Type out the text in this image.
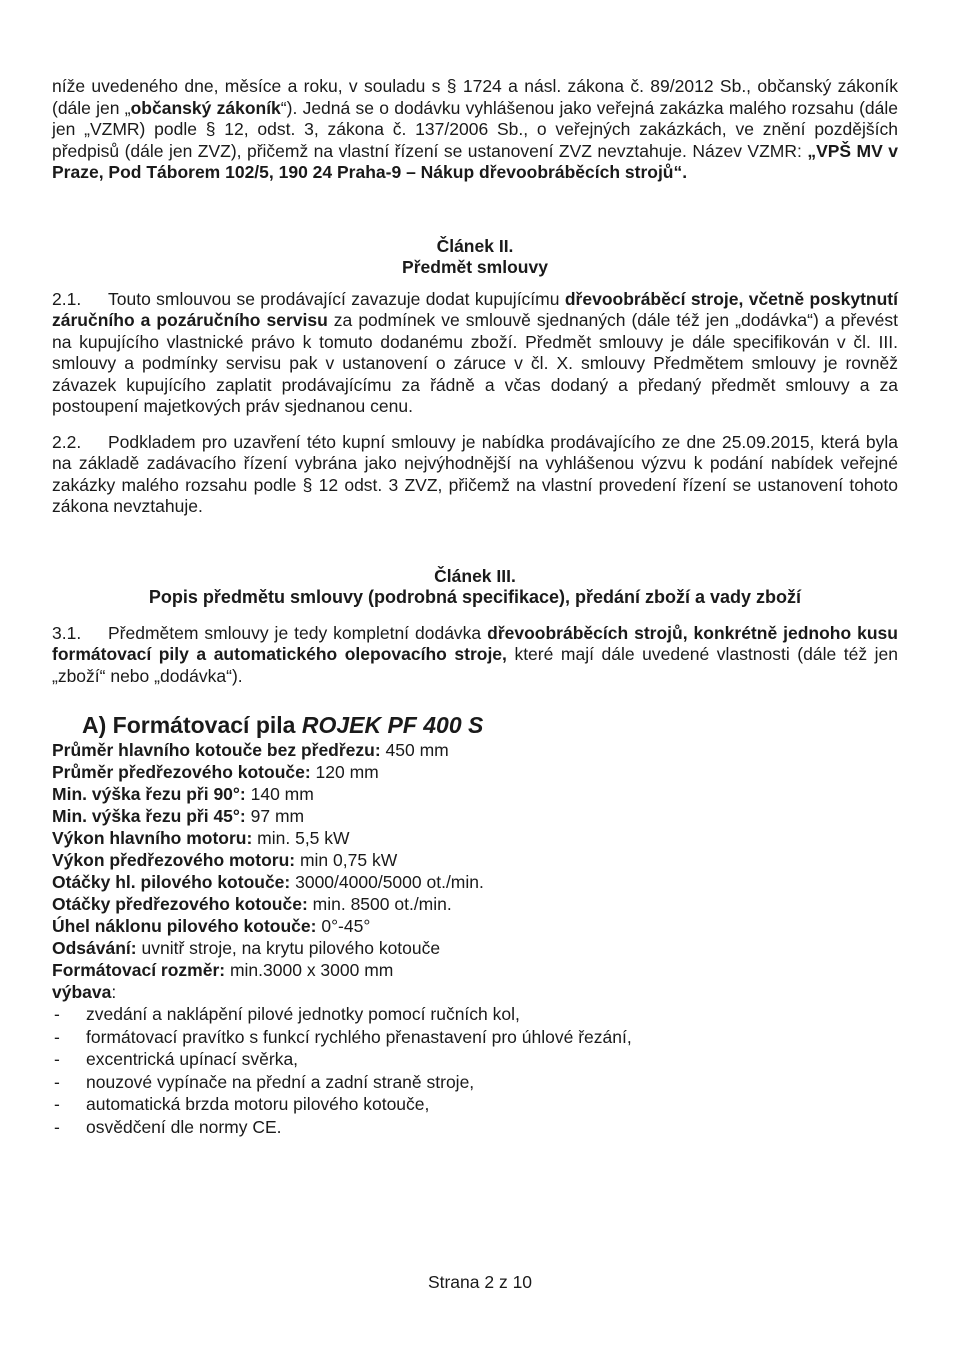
níže uvedeného dne, měsíce a roku, v souladu s § 1724 a násl. zákona č. 89/2012 Sb., občanský zákoník (dále jen „občanský zákoník“). Jedná se o dodávku vyhlášenou jako veřejná zakázka malého rozsahu (dále jen „VZMR) podle § 12, odst. 3, zákona č. 137/2006 Sb., o veřejných zakázkách, ve znění pozdějších předpisů (dále jen ZVZ), přičemž na vlastní řízení se ustanovení ZVZ nevztahuje. Název VZMR: „VPŠ MV v Praze, Pod Táborem 102/5, 190 24 Praha-9 – Nákup dřevoobráběcích strojů“.

Článek II.
Předmět smlouvy

2.1. Touto smlouvou se prodávající zavazuje dodat kupujícímu dřevoobráběcí stroje, včetně poskytnutí záručního a pozáručního servisu za podmínek ve smlouvě sjednaných (dále též jen „dodávka“) a převést na kupujícího vlastnické právo k tomuto dodanému zboží. Předmět smlouvy je dále specifikován v čl. III. smlouvy a podmínky servisu pak v ustanovení o záruce v čl. X. smlouvy Předmětem smlouvy je rovněž závazek kupujícího zaplatit prodávajícímu za řádně a včas dodaný a předaný předmět smlouvy a za postoupení majetkových práv sjednanou cenu.

2.2. Podkladem pro uzavření této kupní smlouvy je nabídka prodávajícího ze dne 25.09.2015, která byla na základě zadávacího řízení vybrána jako nejvýhodnější na vyhlášenou výzvu k podání nabídek veřejné zakázky malého rozsahu podle § 12 odst. 3 ZVZ, přičemž na vlastní provedení řízení se ustanovení tohoto zákona nevztahuje.

Článek III.
Popis předmětu smlouvy (podrobná specifikace), předání zboží a vady zboží

3.1. Předmětem smlouvy je tedy kompletní dodávka dřevoobráběcích strojů, konkrétně jednoho kusu formátovací pily a automatického olepovacího stroje, které mají dále uvedené vlastnosti (dále též jen „zboží“ nebo „dodávka“).

A) Formátovací pila ROJEK PF 400 S

Průměr hlavního kotouče bez předřezu: 450 mm

Průměr předřezového kotouče: 120 mm

Min. výška řezu při 90°: 140 mm

Min. výška řezu při 45°: 97 mm

Výkon hlavního motoru: min. 5,5 kW

Výkon předřezového motoru: min 0,75 kW

Otáčky hl. pilového kotouče: 3000/4000/5000 ot./min.

Otáčky předřezového kotouče: min. 8500 ot./min.

Úhel náklonu pilového kotouče: 0°-45°

Odsávání: uvnitř stroje, na krytu pilového kotouče

Formátovací rozměr: min.3000 x 3000 mm

výbava:

- zvedání a naklápění pilové jednotky pomocí ručních kol,
- formátovací pravítko s funkcí rychlého přenastavení pro úhlové řezání,
- excentrická upínací svěrka,
- nouzové vypínače na přední a zadní straně stroje,
- automatická brzda motoru pilového kotouče,
- osvědčení dle normy CE.
Strana 2 z 10
